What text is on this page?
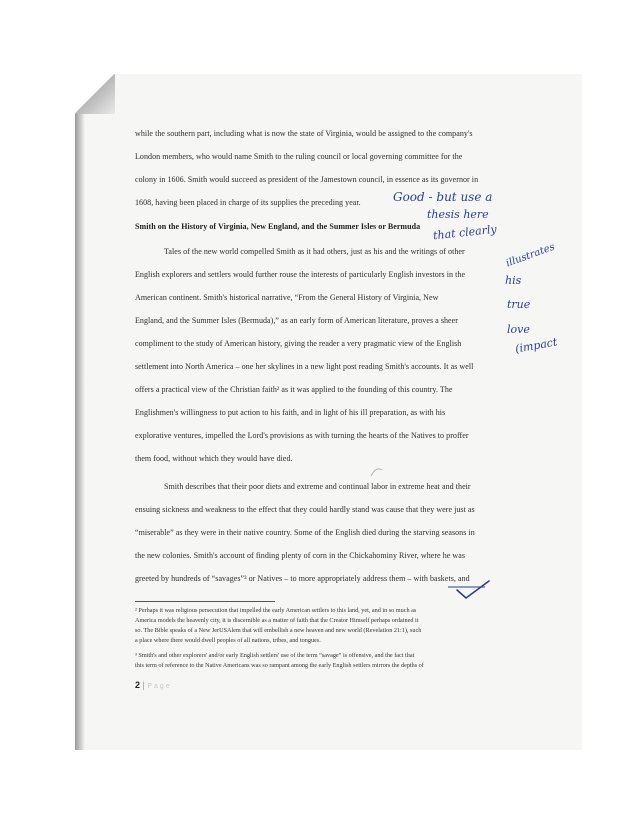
while the southern part, including what is now the state of Virginia, would be assigned to the company's
London members, who would name Smith to the ruling council or local governing committee for the
colony in 1606. Smith would succeed as president of the Jamestown council, in essence as its governor in
1608, having been placed in charge of its supplies the preceding year.
Smith on the History of Virginia, New England, and the Summer Isles or Bermuda
Tales of the new world compelled Smith as it had others, just as his and the writings of other
English explorers and settlers would further rouse the interests of particularly English investors in the
American continent. Smith's historical narrative, “From the General History of Virginia, New
England, and the Summer Isles (Bermuda),” as an early form of American literature, proves a sheer
compliment to the study of American history, giving the reader a very pragmatic view of the English
settlement into North America – one her skylines in a new light post reading Smith's accounts. It as well
offers a practical view of the Christian faith² as it was applied to the founding of this country. The
Englishmen's willingness to put action to his faith, and in light of his ill preparation, as with his
explorative ventures, impelled the Lord's provisions as with turning the hearts of the Natives to proffer
them food, without which they would have died.
Smith describes that their poor diets and extreme and continual labor in extreme heat and their
ensuing sickness and weakness to the effect that they could hardly stand was cause that they were just as
“miserable” as they were in their native country. Some of the English died during the starving seasons in
the new colonies. Smith's account of finding plenty of corn in the Chickahominy River, where he was
greeted by hundreds of “savages”³ or Natives – to more appropriately address them – with baskets, and
² Perhaps it was religious persecution that impelled the early American settlers to this land, yet, and in so much as
America models the heavenly city, it is discernible as a matter of faith that the Creator Himself perhaps ordained it
so. The Bible speaks of a New JerUSAlem that will embellish a new heaven and new world (Revelation 21:1), such
a place where there would dwell peoples of all nations, tribes, and tongues.
³ Smith's and other explorers' and/or early English settlers' use of the term “savage” is offensive, and the fact that
this term of reference to the Native Americans was so rampant among the early English settlers mirrors the depths of
2 | Page
Good - but use a
thesis here
that clearly
illustrates
his
true
love
(impact
